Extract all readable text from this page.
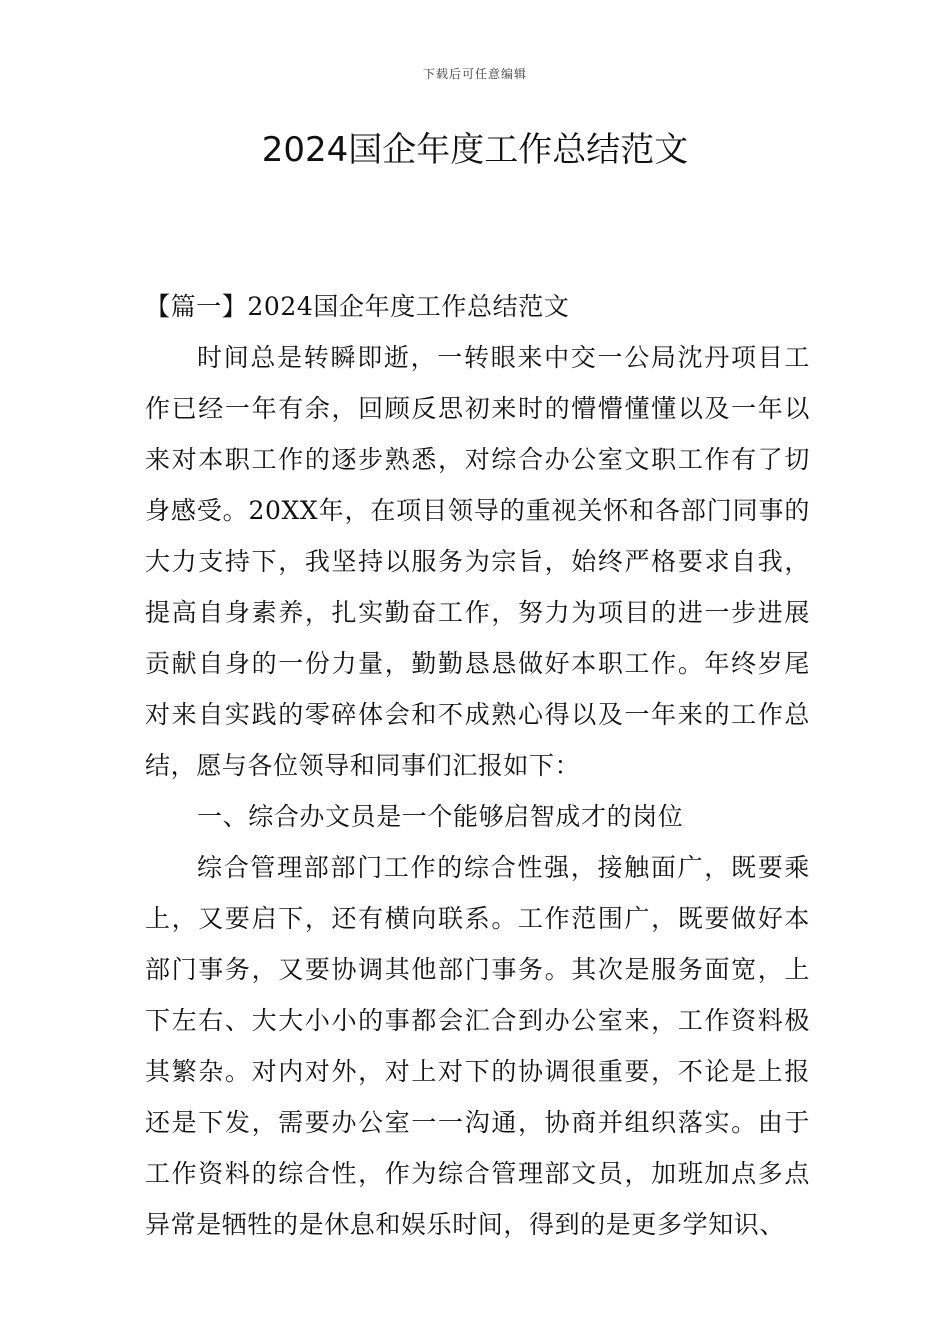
下载后可任意编辑
2024国企年度工作总结范文

【篇一】2024国企年度工作总结范文

时间总是转瞬即逝，一转眼来中交一公局沈丹项目工作已经一年有余，回顾反思初来时的懵懵懂懂以及一年以来对本职工作的逐步熟悉，对综合办公室文职工作有了切身感受。20XX年，在项目领导的重视关怀和各部门同事的大力支持下，我坚持以服务为宗旨，始终严格要求自我，提高自身素养，扎实勤奋工作，努力为项目的进一步进展贡献自身的一份力量，勤勤恳恳做好本职工作。年终岁尾对来自实践的零碎体会和不成熟心得以及一年来的工作总结，愿与各位领导和同事们汇报如下：

一、综合办文员是一个能够启智成才的岗位

综合管理部部门工作的综合性强，接触面广，既要乘上，又要启下，还有横向联系。工作范围广，既要做好本部门事务，又要协调其他部门事务。其次是服务面宽，上下左右、大大小小的事都会汇合到办公室来，工作资料极其繁杂。对内对外，对上对下的协调很重要，不论是上报还是下发，需要办公室一一沟通，协商并组织落实。由于工作资料的综合性，作为综合管理部文员，加班加点多点异常是牺牲的是休息和娱乐时间，得到的是更多学知识、
